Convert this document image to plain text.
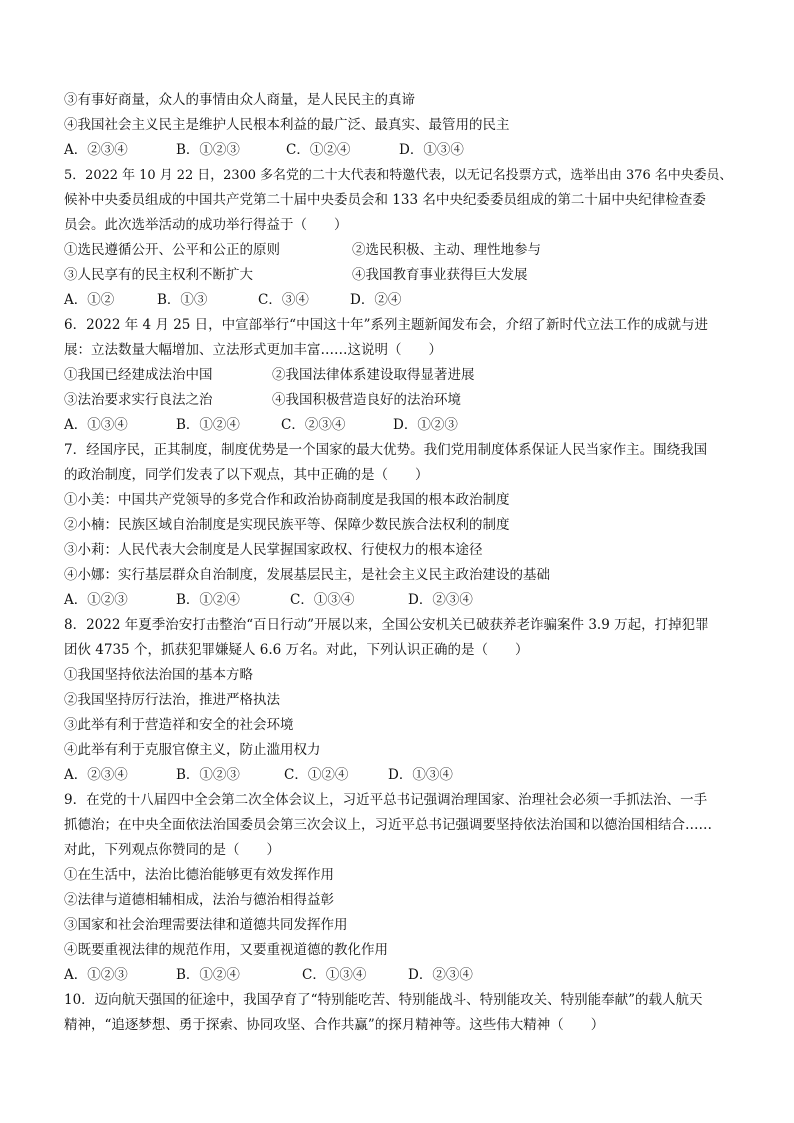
③有事好商量，众人的事情由众人商量，是人民民主的真谛
④我国社会主义民主是维护人民根本利益的最广泛、最真实、最管用的民主
A．②③④	B．①②③	C．①②④	D．①③④
5．2022 年 10 月 22 日，2300 多名党的二十大代表和特邀代表，以无记名投票方式，选举出由 376 名中央委员、
候补中央委员组成的中国共产党第二十届中央委员会和 133 名中央纪委委员组成的第二十届中央纪律检查委
员会。此次选举活动的成功举行得益于（　　）
①选民遵循公开、公平和公正的原则	②选民积极、主动、理性地参与
③人民享有的民主权利不断扩大	④我国教育事业获得巨大发展
A．①②	B．①③	C．③④	D．②④
6．2022 年 4 月 25 日，中宣部举行“中国这十年”系列主题新闻发布会，介绍了新时代立法工作的成就与进
展：立法数量大幅增加、立法形式更加丰富……这说明（　　）
①我国已经建成法治中国	②我国法律体系建设取得显著进展
③法治要求实行良法之治	④我国积极营造良好的法治环境
A．①③④	B．①②④	C．②③④	D．①②③
7．经国序民，正其制度，制度优势是一个国家的最大优势。我们党用制度体系保证人民当家作主。围绕我国
的政治制度，同学们发表了以下观点，其中正确的是（　　）
①小美：中国共产党领导的多党合作和政治协商制度是我国的根本政治制度
②小楠：民族区域自治制度是实现民族平等、保障少数民族合法权利的制度
③小莉：人民代表大会制度是人民掌握国家政权、行使权力的根本途径
④小娜：实行基层群众自治制度，发展基层民主，是社会主义民主政治建设的基础
A．①②③	B．①②④	C．①③④	D．②③④
8．2022 年夏季治安打击整治“百日行动”开展以来，全国公安机关已破获养老诈骗案件 3.9 万起，打掉犯罪
团伙 4735 个，抓获犯罪嫌疑人 6.6 万名。对此，下列认识正确的是（　　）
①我国坚持依法治国的基本方略
②我国坚持厉行法治，推进严格执法
③此举有利于营造祥和安全的社会环境
④此举有利于克服官僚主义，防止滥用权力
A．②③④	B．①②③	C．①②④	D．①③④
9．在党的十八届四中全会第二次全体会议上，习近平总书记强调治理国家、治理社会必须一手抓法治、一手
抓德治；在中央全面依法治国委员会第三次会议上，习近平总书记强调要坚持依法治国和以德治国相结合……
对此，下列观点你赞同的是（　　）
①在生活中，法治比德治能够更有效发挥作用
②法律与道德相辅相成，法治与德治相得益彰
③国家和社会治理需要法律和道德共同发挥作用
④既要重视法律的规范作用，又要重视道德的教化作用
A．①②③	B．①②④	C．①③④	D．②③④
10．迈向航天强国的征途中，我国孕育了“特别能吃苦、特别能战斗、特别能攻关、特别能奉献”的载人航天
精神，“追逐梦想、勇于探索、协同攻坚、合作共赢”的探月精神等。这些伟大精神（　　）
